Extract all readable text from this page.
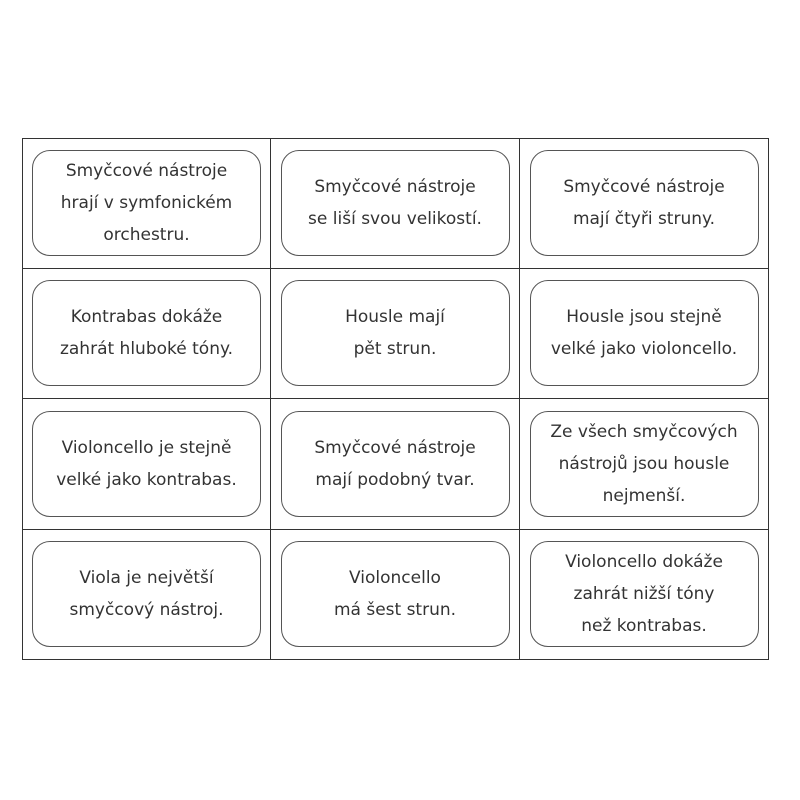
Smyčcové nástroje
hrají v symfonickém
orchestru.
Smyčcové nástroje
se liší svou velikostí.
Smyčcové nástroje
mají čtyři struny.
Kontrabas dokáže
zahrát hluboké tóny.
Housle mají
pět strun.
Housle jsou stejně
velké jako violoncello.
Violoncello je stejně
velké jako kontrabas.
Smyčcové nástroje
mají podobný tvar.
Ze všech smyčcových
nástrojů jsou housle
nejmenší.
Viola je největší
smyčcový nástroj.
Violoncello
má šest strun.
Violoncello dokáže
zahrát nižší tóny
než kontrabas.
